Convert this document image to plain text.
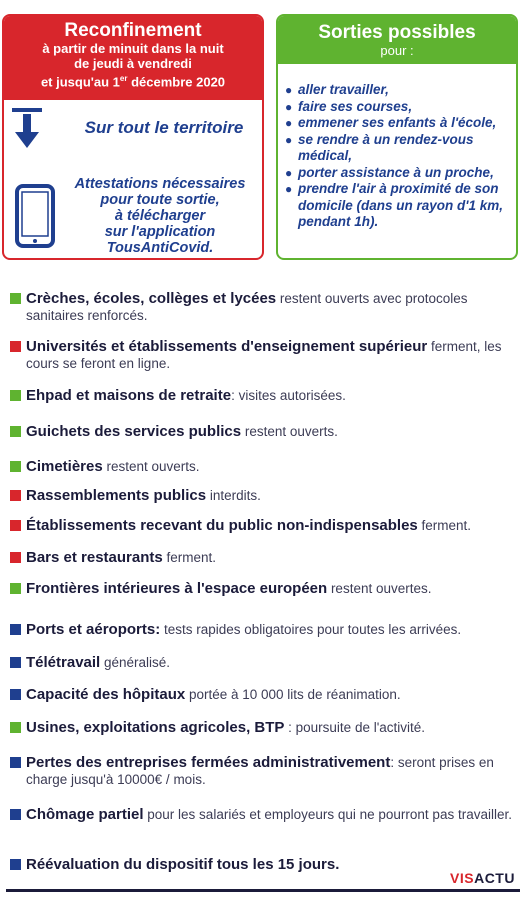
Reconfinement
à partir de minuit dans la nuit
de jeudi à vendredi
et jusqu'au 1er décembre 2020
Sur tout le territoire
Attestations nécessaires
pour toute sortie,
à télécharger
sur l'application
TousAntiCovid.
Sorties possibles
pour :
● aller travailler,
● faire ses courses,
● emmener ses enfants à l'école,
● se rendre à un rendez-vous médical,
● porter assistance à un proche,
● prendre l'air à proximité de son domicile (dans un rayon d'1 km, pendant 1h).
Crèches, écoles, collèges et lycées restent ouverts avec protocoles sanitaires renforcés.
Universités et établissements d'enseignement supérieur ferment, les cours se feront en ligne.
Ehpad et maisons de retraite: visites autorisées.
Guichets des services publics restent ouverts.
Cimetières restent ouverts.
Rassemblements publics interdits.
Établissements recevant du public non-indispensables ferment.
Bars et restaurants ferment.
Frontières intérieures à l'espace européen restent ouvertes.
Ports et aéroports: tests rapides obligatoires pour toutes les arrivées.
Télétravail généralisé.
Capacité des hôpitaux portée à 10 000 lits de réanimation.
Usines, exploitations agricoles, BTP : poursuite de l'activité.
Pertes des entreprises fermées administrativement: seront prises en charge jusqu'à 10000€ / mois.
Chômage partiel pour les salariés et employeurs qui ne pourront pas travailler.
Réévaluation du dispositif tous les 15 jours.
VISACTU
